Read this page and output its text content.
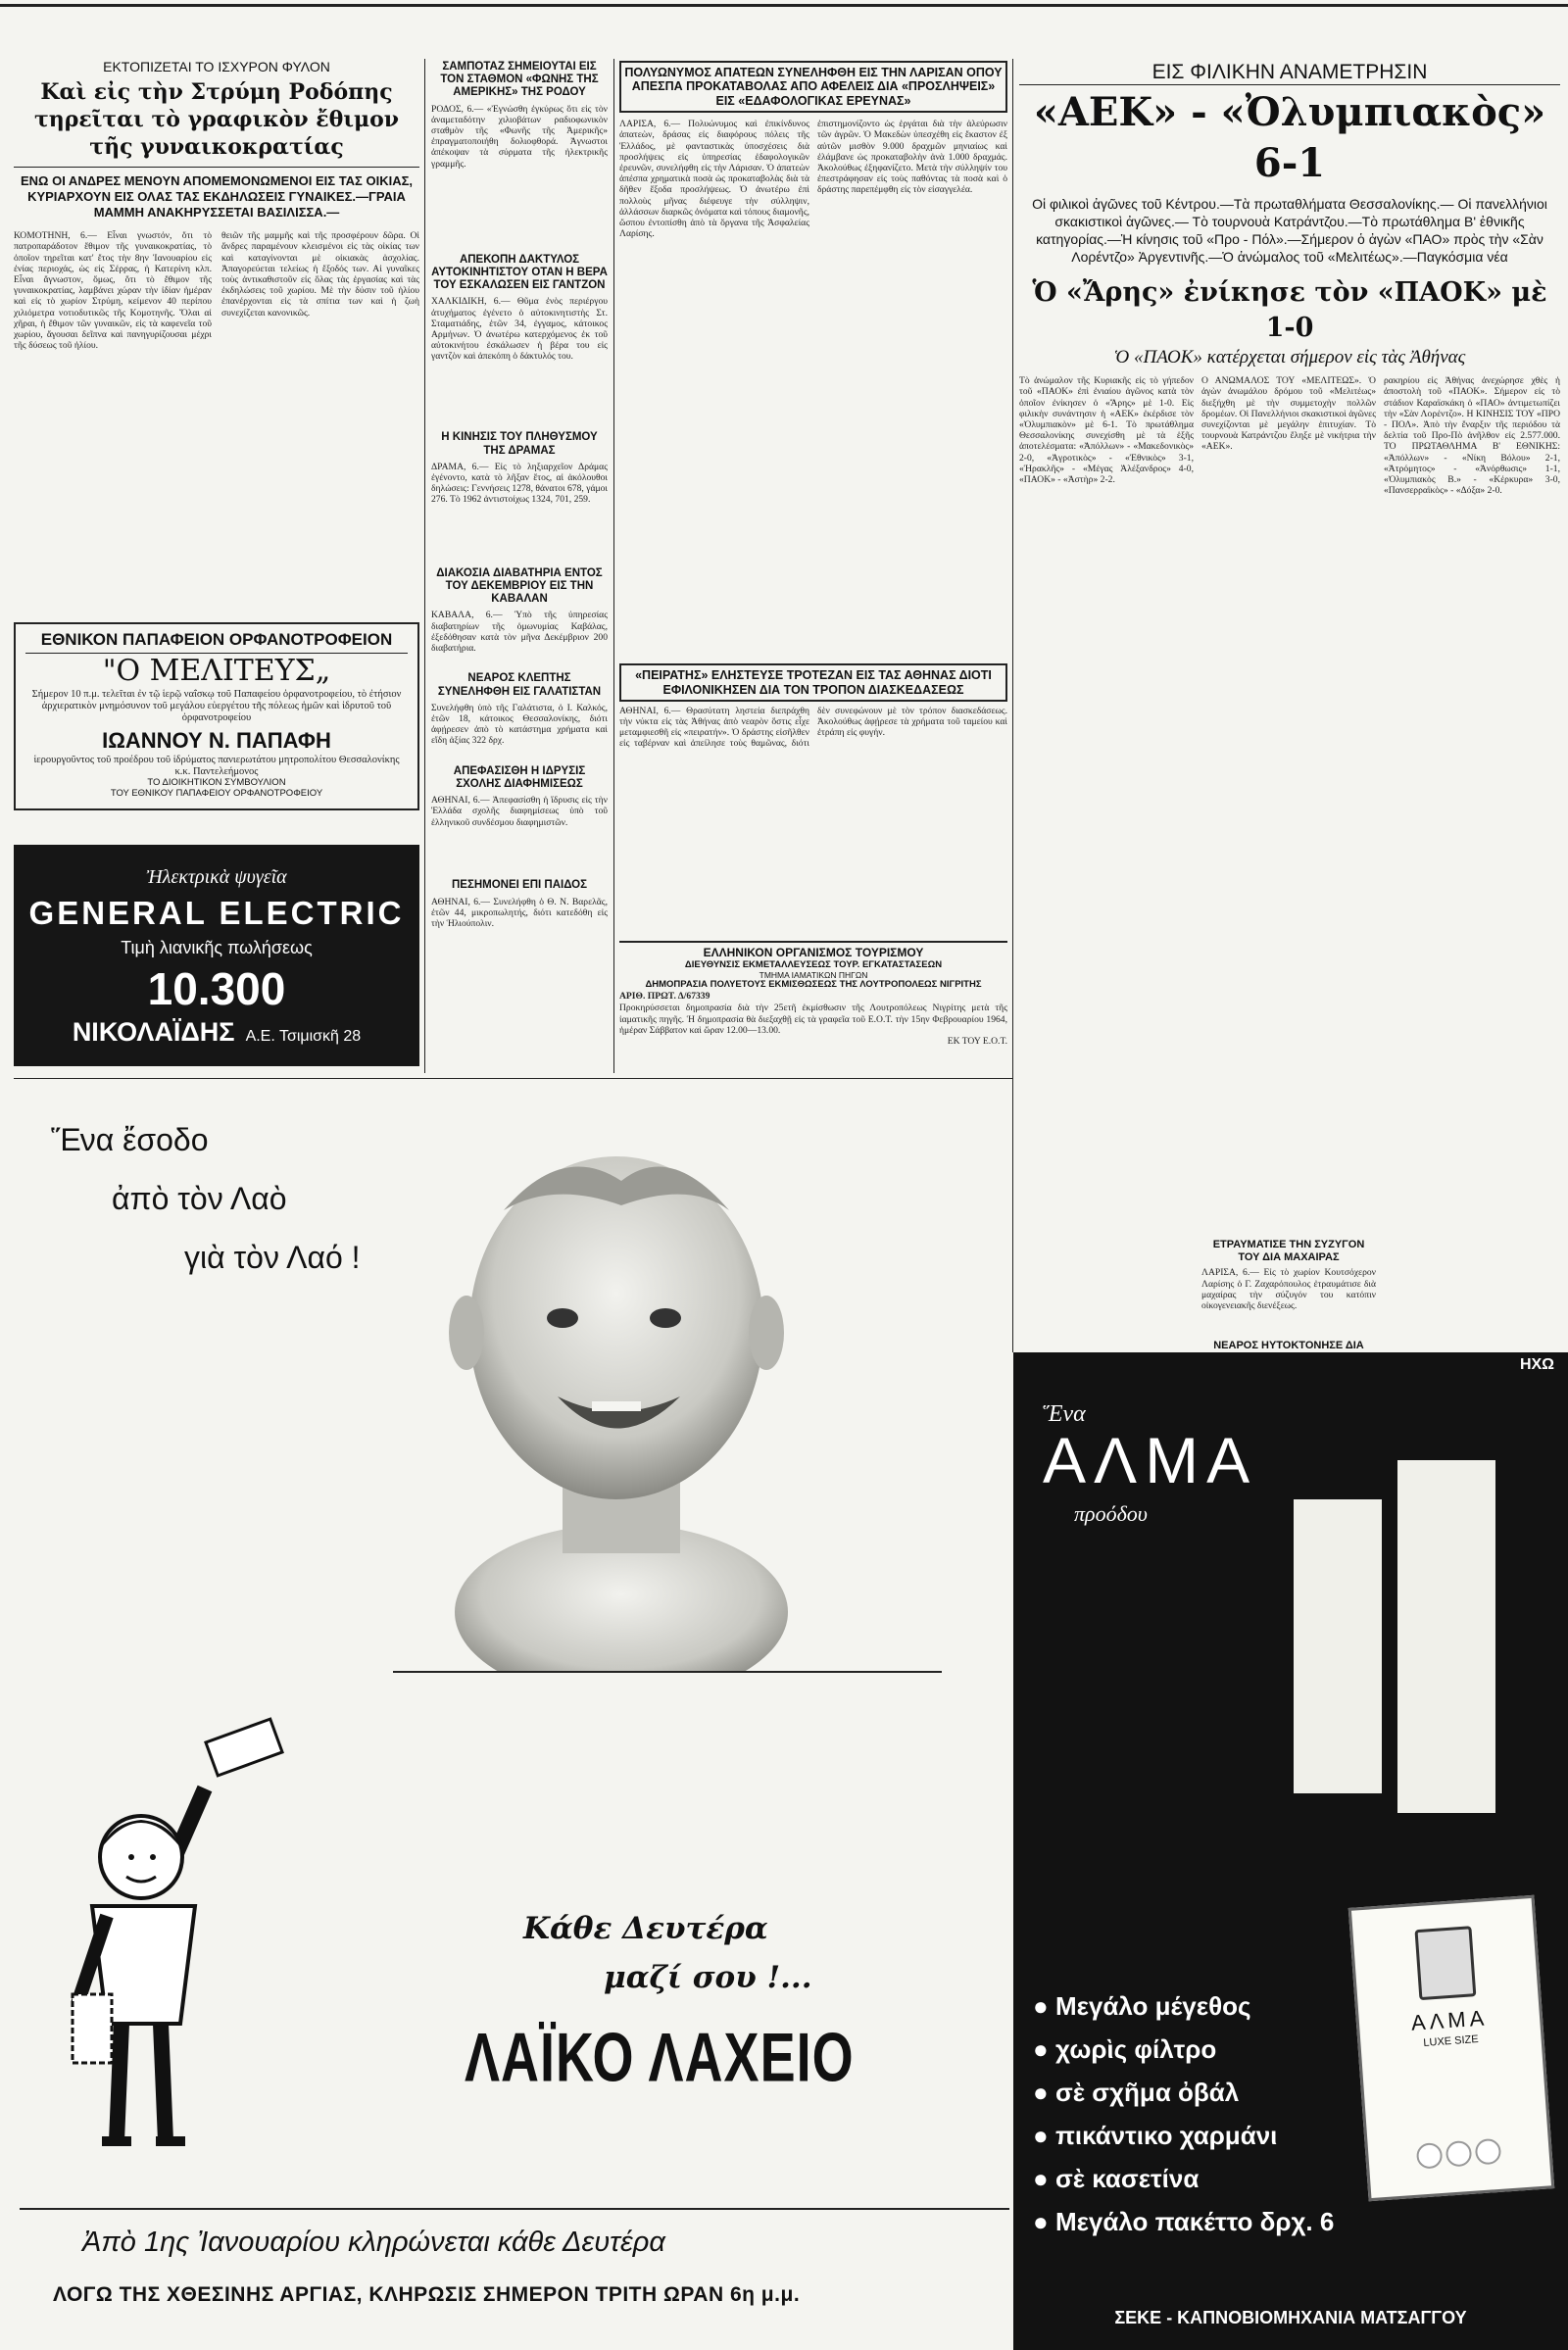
ΕΚΤΟΠΙΖΕΤΑΙ ΤΟ ΙΣΧΥΡΟΝ ΦΥΛΟΝ
Καὶ εἰς τὴν Στρύμη Ροδόπης τηρεῖται τὸ γραφικὸν ἔθιμον τῆς γυναικοκρατίας
ΕΝΩ ΟΙ ΑΝΔΡΕΣ ΜΕΝΟΥΝ ΑΠΟΜΕΜΟΝΩΜΕΝΟΙ ΕΙΣ ΤΑΣ ΟΙΚΙΑΣ, ΚΥΡΙΑΡΧΟΥΝ ΕΙΣ ΟΛΑΣ ΤΑΣ ΕΚΔΗΛΩΣΕΙΣ ΓΥΝΑΙΚΕΣ.—ΓΡΑΙΑ ΜΑΜΜΗ ΑΝΑΚΗΡΥΣΣΕΤΑΙ ΒΑΣΙΛΙΣΣΑ.—
ΚΟΜΟΤΗΝΗ, 6.— Εἶναι γνωστόν, ὅτι τὸ πατροπαράδοτον ἔθιμον τῆς γυναικοκρατίας, τὸ ὁποῖον τηρεῖται κατ' ἔτος τὴν 8ην Ἰανουαρίου εἰς ἐνίας περιοχάς, ὡς εἰς Σέρρας, ἡ Κατερίνη κλπ. Εἶναι ἄγνωστον, ὅμως, ὅτι τὸ ἔθιμον τῆς γυναικοκρατίας, λαμβάνει χώραν τὴν ἰδίαν ἡμέραν καὶ εἰς τὸ χωρίον Στρύμη, κείμενον 40 περίπου χιλιόμετρα νοτιοδυτικῶς τῆς Κομοτηνῆς. Ὅλαι αἱ χῆραι, ἡ ἔθιμον τῶν γυναικῶν, εἰς τὰ καφενεῖα τοῦ χωρίου, ἄγουσαι δεῖπνα καὶ πανηγυρίζουσαι μέχρι τῆς δύσεως τοῦ ἡλίου.
θειῶν τῆς μαμμῆς καὶ τῆς προσφέρουν δῶρα. Οἱ ἄνδρες παραμένουν κλεισμένοι εἰς τὰς οἰκίας των καὶ καταγίνονται μὲ οἰκιακὰς ἀσχολίας. Ἀπαγορεύεται τελείως ἡ ἔξοδός των. Αἱ γυναῖκες τοὺς ἀντικαθιστοῦν εἰς ὅλας τὰς ἐργασίας καὶ τὰς ἐκδηλώσεις τοῦ χωρίου. Μὲ τὴν δύσιν τοῦ ἡλίου ἐπανέρχονται εἰς τὰ σπίτια των καὶ ἡ ζωὴ συνεχίζεται κανονικῶς.
ΕΘΝΙΚΟΝ ΠΑΠΑΦΕΙΟΝ ΟΡΦΑΝΟΤΡΟΦΕΙΟΝ
"Ο ΜΕΛΙΤΕΥΣ„
Σήμερον 10 π.μ. τελεῖται ἐν τῷ ἱερῷ ναΐσκῳ τοῦ Παπαφείου ὀρφανοτροφείου, τὸ ἐτήσιον ἀρχιερατικὸν μνημόσυνον τοῦ μεγάλου εὐεργέτου τῆς πόλεως ἡμῶν καὶ ἱδρυτοῦ τοῦ ὀρφανοτροφείου
ΙΩΑΝΝΟΥ Ν. ΠΑΠΑΦΗ
ἱερουργοῦντος τοῦ προέδρου τοῦ ἱδρύματος πανιερωτάτου μητροπολίτου Θεσσαλονίκης κ.κ. Παντελεήμονος
ΤΟ ΔΙΟΙΚΗΤΙΚΟΝ ΣΥΜΒΟΥΛΙΟΝ
ΤΟΥ ΕΘΝΙΚΟΥ ΠΑΠΑΦΕΙΟΥ ΟΡΦΑΝΟΤΡΟΦΕΙΟΥ
Ἠλεκτρικὰ ψυγεῖα
GENERAL ELECTRIC
Τιμὴ λιανικῆς πωλήσεως
10.300
ΝΙΚΟΛΑΪΔΗΣ Α.Ε. Τσιμισκῆ 28
ΣΑΜΠΟΤΑΖ ΣΗΜΕΙΟΥΤΑΙ ΕΙΣ ΤΟΝ ΣΤΑΘΜΟΝ «ΦΩΝΗΣ ΤΗΣ ΑΜΕΡΙΚΗΣ» ΤΗΣ ΡΟΔΟΥ
ΡΟΔΟΣ, 6.— «Ἐγνώσθη ἐγκύρως ὅτι εἰς τὸν ἀναμεταδότην χιλιοβάτων ραδιοφωνικὸν σταθμὸν τῆς «Φωνῆς τῆς Ἀμερικῆς» ἐπραγματοποιήθη δολιοφθορά. Ἀγνωστοι ἀπέκοψαν τὰ σύρματα τῆς ἠλεκτρικῆς γραμμῆς.
ΑΠΕΚΟΠΗ ΔΑΚΤΥΛΟΣ ΑΥΤΟΚΙΝΗΤΙΣΤΟΥ ΟΤΑΝ Η ΒΕΡΑ ΤΟΥ ΕΣΚΑΛΩΣΕΝ ΕΙΣ ΓΑΝΤΖΟΝ
ΧΑΛΚΙΔΙΚΗ, 6.— Θῦμα ἐνὸς περιέργου ἀτυχήματος ἐγένετο ὁ αὐτοκινητιστὴς Στ. Σταματιάδης, ἐτῶν 34, ἐγγαμος, κάτοικος Αρμήνων. Ὁ ἀνωτέρω κατερχόμενος ἐκ τοῦ αὐτοκινήτου ἐσκάλωσεν ἡ βέρα του εἰς γαντζὸν καὶ ἀπεκόπη ὁ δάκτυλός του.
Η ΚΙΝΗΣΙΣ ΤΟΥ ΠΛΗΘΥΣΜΟΥ ΤΗΣ ΔΡΑΜΑΣ
ΔΡΑΜΑ, 6.— Εἰς τὸ ληξιαρχεῖον Δράμας ἐγένοντο, κατὰ τὸ λῆξαν ἔτος, αἱ ἀκόλουθοι δηλώσεις: Γεννήσεις 1278, θάνατοι 678, γάμοι 276. Τὸ 1962 ἀντιστοίχως 1324, 701, 259.
ΔΙΑΚΟΣΙΑ ΔΙΑΒΑΤΗΡΙΑ ΕΝΤΟΣ ΤΟΥ ΔΕΚΕΜΒΡΙΟΥ ΕΙΣ ΤΗΝ ΚΑΒΑΛΑΝ
ΚΑΒΑΛΑ, 6.— Ὑπὸ τῆς ὑπηρεσίας διαβατηρίων τῆς ὁμωνυμίας Καβάλας, ἐξεδόθησαν κατὰ τὸν μῆνα Δεκέμβριον 200 διαβατήρια.
ΝΕΑΡΟΣ ΚΛΕΠΤΗΣ ΣΥΝΕΛΗΦΘΗ ΕΙΣ ΓΑΛΑΤΙΣΤΑΝ
Συνελήφθη ὑπὸ τῆς Γαλάτιστα, ὁ Ι. Καλκός, ἐτῶν 18, κάτοικος Θεσσαλονίκης, διότι ἀφῄρεσεν ἀπὸ τὸ κατάστημα χρήματα καὶ εἴδη ἀξίας 322 δρχ.
ΑΠΕΦΑΣΙΣΘΗ Η ΙΔΡΥΣΙΣ ΣΧΟΛΗΣ ΔΙΑΦΗΜΙΣΕΩΣ
ΑΘΗΝΑΙ, 6.— Ἀπεφασίσθη ἡ ἵδρυσις εἰς τὴν Ἑλλάδα σχολῆς διαφημίσεως ὑπὸ τοῦ ἑλληνικοῦ συνδέσμου διαφημιστῶν.
ΠΕΣΗΜΟΝΕΙ ΕΠΙ ΠΑΙΔΟΣ
ΑΘΗΝΑΙ, 6.— Συνελήφθη ὁ Θ. Ν. Βαρελᾶς, ἐτῶν 44, μικροπωλητής, διότι κατεδόθη εἰς τὴν Ἡλιούπολιν.
ΠΟΛΥΩΝΥΜΟΣ ΑΠΑΤΕΩΝ ΣΥΝΕΛΗΦΘΗ ΕΙΣ ΤΗΝ ΛΑΡΙΣΑΝ ΟΠΟΥ ΑΠΕΣΠΑ ΠΡΟΚΑΤΑΒΟΛΑΣ ΑΠΟ ΑΦΕΛΕΙΣ ΔΙΑ «ΠΡΟΣΛΗΨΕΙΣ» ΕΙΣ «ΕΔΑΦΟΛΟΓΙΚΑΣ ΕΡΕΥΝΑΣ»
ΛΑΡΙΣΑ, 6.— Πολυώνυμος καὶ ἐπικίνδυνος ἀπατεὼν, δράσας εἰς διαφόρους πόλεις τῆς Ἑλλάδος, μὲ φανταστικὰς ὑποσχέσεις διὰ προσλήψεις εἰς ὑπηρεσίας ἐδαφολογικῶν ἐρευνῶν, συνελήφθη εἰς τὴν Λάρισαν. Ὁ ἀπατεὼν ἀπέσπα χρηματικὰ ποσὰ ὡς προκαταβολὰς διὰ τὰ δῆθεν ἔξοδα προσλήψεως. Ὁ ἀνωτέρω ἐπὶ πολλοὺς μῆνας διέφευγε τὴν σύλληψιν, ἀλλάσσων διαρκῶς ὀνόματα καὶ τόπους διαμονῆς, ὥσπου ἐντοπίσθη ἀπὸ τὰ ὄργανα τῆς Ἀσφαλείας Λαρίσης.
ἐπιστημονίζοντο ὡς ἐργάται διὰ τὴν ἀλεύρωσιν τῶν ἀγρῶν. Ὁ Μακεδὼν ὑπεσχέθη εἰς ἕκαστον ἐξ αὐτῶν μισθὸν 9.000 δραχμῶν μηνιαίως καὶ ἐλάμβανε ὡς προκαταβολὴν ἀνὰ 1.000 δραχμάς. Ἀκολούθως ἐξηφανίζετο. Μετὰ τὴν σύλληψίν του ἐπεστράφησαν εἰς τοὺς παθόντας τὰ ποσὰ καὶ ὁ δράστης παρεπέμφθη εἰς τὸν εἰσαγγελέα.
«ΠΕΙΡΑΤΗΣ» ΕΛΗΣΤΕΥΣΕ ΤΡΟΤΕΖΑΝ ΕΙΣ ΤΑΣ ΑΘΗΝΑΣ ΔΙΟΤΙ ΕΦΙΛΟΝΙΚΗΣΕΝ ΔΙΑ ΤΟΝ ΤΡΟΠΟΝ ΔΙΑΣΚΕΔΑΣΕΩΣ
ΑΘΗΝΑΙ, 6.— Θρασύτατη ληστεία διεπράχθη τὴν νύκτα εἰς τὰς Ἀθήνας ἀπὸ νεαρὸν ὅστις εἶχε μεταμφιεσθῆ εἰς «πειρατήν». Ὁ δράστης εἰσῆλθεν εἰς ταβέρναν καὶ ἀπείλησε τοὺς θαμῶνας, διότι δὲν συνεφώνουν μὲ τὸν τρόπον διασκεδάσεως. Ἀκολούθως ἀφῄρεσε τὰ χρήματα τοῦ ταμείου καὶ ἐτράπη εἰς φυγήν.
ΕΛΛΗΝΙΚΟΝ ΟΡΓΑΝΙΣΜΟΣ ΤΟΥΡΙΣΜΟΥ
ΔΙΕΥΘΥΝΣΙΣ ΕΚΜΕΤΑΛΛΕΥΣΕΩΣ ΤΟΥΡ. ΕΓΚΑΤΑΣΤΑΣΕΩΝ
ΤΜΗΜΑ ΙΑΜΑΤΙΚΩΝ ΠΗΓΩΝ
ΔΗΜΟΠΡΑΣΙΑ ΠΟΛΥΕΤΟΥΣ ΕΚΜΙΣΘΩΣΕΩΣ ΤΗΣ ΛΟΥΤΡΟΠΟΛΕΩΣ ΝΙΓΡΙΤΗΣ
ΑΡΙΘ. ΠΡΩΤ. Δ/67339
Προκηρύσσεται δημοπρασία διὰ τὴν 25ετῆ ἐκμίσθωσιν τῆς Λουτροπόλεως Νιγρίτης μετὰ τῆς ἰαματικῆς πηγῆς. Ἡ δημοπρασία θὰ διεξαχθῇ εἰς τὰ γραφεῖα τοῦ Ε.Ο.Τ. τὴν 15ην Φεβρουαρίου 1964, ἡμέραν Σάββατον καὶ ὥραν 12.00—13.00.
ΕΚ ΤΟΥ Ε.Ο.Τ.
ΕΙΣ ΦΙΛΙΚΗΝ ΑΝΑΜΕΤΡΗΣΙΝ
«ΑΕΚ» - «Ὀλυμπιακὸς» 6-1
Οἱ φιλικοὶ ἀγῶνες τοῦ Κέντρου.—Τὰ πρωταθλήματα Θεσσαλονίκης.— Οἱ πανελλήνιοι σκακιστικοὶ ἀγῶνες.— Τὸ τουρνουὰ Κατράντζου.—Τὸ πρωτάθλημα Β' ἐθνικῆς κατηγορίας.—Ἡ κίνησις τοῦ «Προ - Πόλ».—Σήμερον ὁ ἀγὼν «ΠΑΟ» πρὸς τὴν «Σὰν Λορέντζο» Ἀργεντινῆς.—Ὁ ἀνώμαλος τοῦ «Μελιτέως».—Παγκόσμια νέα
Ὁ «Ἄρης» ἐνίκησε τὸν «ΠΑΟΚ» μὲ 1-0
Ὁ «ΠΑΟΚ» κατέρχεται σήμερον εἰς τὰς Ἀθήνας
Τὸ ἀνώμαλον τῆς Κυριακῆς εἰς τὸ γήπεδον τοῦ «ΠΑΟΚ» ἐπὶ ἐνιαίου ἀγῶνος κατὰ τὸν ὁποῖον ἐνίκησεν ὁ «Ἄρης» μὲ 1-0. Εἰς φιλικὴν συνάντησιν ἡ «ΑΕΚ» ἐκέρδισε τὸν «Ὀλυμπιακὸν» μὲ 6-1. Τὸ πρωτάθλημα Θεσσαλονίκης συνεχίσθη μὲ τὰ ἑξῆς ἀποτελέσματα: «Ἀπόλλων» - «Μακεδονικὸς» 2-0, «Ἀγροτικὸς» - «Ἐθνικὸς» 3-1, «Ἡρακλῆς» - «Μέγας Ἀλέξανδρος» 4-0, «ΠΑΟΚ» - «Ἀστὴρ» 2-2.
Ο ΑΝΩΜΑΛΟΣ ΤΟΥ «ΜΕΛΙΤΕΩΣ». Ὁ ἀγὼν ἀνωμάλου δρόμου τοῦ «Μελιτέως» διεξήχθη μὲ τὴν συμμετοχὴν πολλῶν δρομέων. Οἱ Πανελλήνιοι σκακιστικοὶ ἀγῶνες συνεχίζονται μὲ μεγάλην ἐπιτυχίαν. Τὸ τουρνουὰ Κατράντζου ἔληξε μὲ νικήτρια τὴν «ΑΕΚ».
ΕΤΡΑΥΜΑΤΙΣΕ ΤΗΝ ΣΥΖΥΓΟΝ ΤΟΥ ΔΙΑ ΜΑΧΑΙΡΑΣ
ΛΑΡΙΣΑ, 6.— Εἰς τὸ χωρίον Κουτσόχερον Λαρίσης ὁ Γ. Ζαχαρόπουλος ἐτραυμάτισε διὰ μαχαίρας τὴν σύζυγόν του κατόπιν οἰκογενειακῆς διενέξεως.
ΝΕΑΡΟΣ ΗΥΤΟΚΤΟΝΗΣΕ ΔΙΑ
ρακηρίου εἰς Ἀθήνας ἀνεχώρησε χθὲς ἡ ἀποστολὴ τοῦ «ΠΑΟΚ». Σήμερον εἰς τὸ στάδιον Καραϊσκάκη ὁ «ΠΑΟ» ἀντιμετωπίζει τὴν «Σὰν Λορέντζο». Η ΚΙΝΗΣΙΣ ΤΟΥ «ΠΡΟ - ΠΟΛ». Ἀπὸ τὴν ἔναρξιν τῆς περιόδου τὰ δελτία τοῦ Προ-Πὸ ἀνῆλθον εἰς 2.577.000. ΤΟ ΠΡΩΤΑΘΛΗΜΑ Β' ΕΘΝΙΚΗΣ: «Ἀπόλλων» - «Νίκη Βόλου» 2-1, «Ἀτρόμητος» - «Ἀνόρθωσις» 1-1, «Ὀλυμπιακὸς Β.» - «Κέρκυρα» 3-0, «Πανσερραϊκὸς» - «Δόξα» 2-0.
Ἕνα ἔσοδο
ἀπὸ τὸν Λαὸ
γιὰ τὸν Λαό !
Κάθε Δευτέρα
μαζί σου !...
ΛΑΪΚΟ ΛΑΧΕΙΟ
Ἀπὸ 1ης Ἰανουαρίου κληρώνεται κάθε Δευτέρα
ΛΟΓΩ ΤΗΣ ΧΘΕΣΙΝΗΣ ΑΡΓΙΑΣ, ΚΛΗΡΩΣΙΣ ΣΗΜΕΡΟΝ ΤΡΙΤΗ ΩΡΑΝ 6η μ.μ.
ΗΧΩ
Ἕνα
ΑΛΜΑ
προόδου
● Μεγάλο μέγεθος
● χωρὶς φίλτρο
● σὲ σχῆμα ὀβάλ
● πικάντικο χαρμάνι
● σὲ κασετίνα
● Μεγάλο πακέττο δρχ. 6
ΑΛΜΑ
LUXE SIZE
ΣΕΚΕ - ΚΑΠΝΟΒΙΟΜΗΧΑΝΙΑ ΜΑΤΣΑΓΓΟΥ
